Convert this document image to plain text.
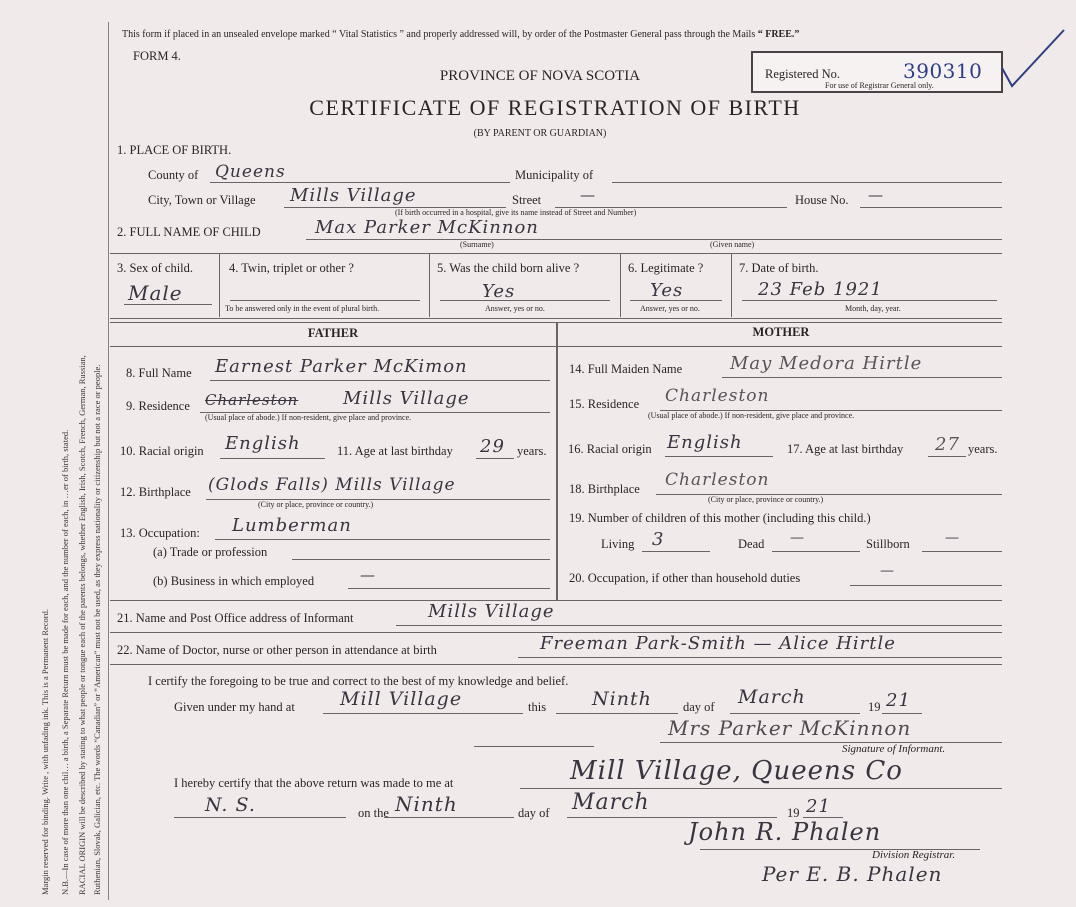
Margin reserved for binding. Write , with unfading ink. This is a Permanent Record. N.B.—In case of more than one chil… a birth, a Separate Return must be made for each, and the number of each, in …er of birth, stated. RACIAL ORIGIN will be described by stating to what people or tongue each of the parents belongs, whether English, Irish, Scotch, French, German, Russian, Ruthenian, Slovak, Galician, etc. The words “Canadian” or “American” must not be used, as they express nationality or citizenship but not a race or people.
This form if placed in an unsealed envelope marked “ Vital Statistics ” and properly addressed will, by order of the Postmaster General pass through the Mails “ FREE.”
FORM 4.
PROVINCE OF NOVA SCOTIA
CERTIFICATE OF REGISTRATION OF BIRTH
(BY PARENT OR GUARDIAN)
Registered No.	390310
For use of Registrar General only.
1. PLACE OF BIRTH.
County of Queens	Municipality of
City, Town or Village Mills Village	Street	—	House No. —
(If birth occurred in a hospital, give its name instead of Street and Number)
2. FULL NAME OF CHILD	Max Parker McKinnon
(Surname)	(Given name)
3. Sex of child.
Male
4. Twin, triplet or other ?
To be answered only in the event of plural birth.
5. Was the child born alive ?
Yes
Answer, yes or no.
6. Legitimate ?
Yes
Answer, yes or no.
7. Date of birth.
23 Feb 1921
Month, day, year.
FATHER	MOTHER
8. Full Name Earnest Parker McKimon
9. Residence Charleston Mills Village
(Usual place of abode.) If non-resident, give place and province.
10. Racial origin English	11. Age at last birthday 29 years.
12. Birthplace (Glods Falls) Mills Village
(City or place, province or country.)
13. Occupation: Lumberman
(a) Trade or profession
(b) Business in which employed	—
14. Full Maiden Name	May Medora Hirtle
15. Residence Charleston
(Usual place of abode.) If non-resident, give place and province.
16. Racial origin English	17. Age at last birthday 27 years.
18. Birthplace Charleston
(City or place, province or country.)
19. Number of children of this mother (including this child.)
Living 3	Dead —	Stillborn	—
20. Occupation, if other than household duties	—
21. Name and Post Office address of Informant	Mills Village
22. Name of Doctor, nurse or other person in attendance at birth	Freeman Park-Smith — Alice Hirtle
I certify the foregoing to be true and correct to the best of my knowledge and belief.
Given under my hand at Mill Village	this Ninth day of March	19 21
Mrs Parker McKinnon
Signature of Informant.
I hereby certify that the above return was made to me at	Mill Village, Queens Co
N. S.	on the Ninth	day of March	19 21
John R. Phalen
Division Registrar.
Per E. B. Phalen
